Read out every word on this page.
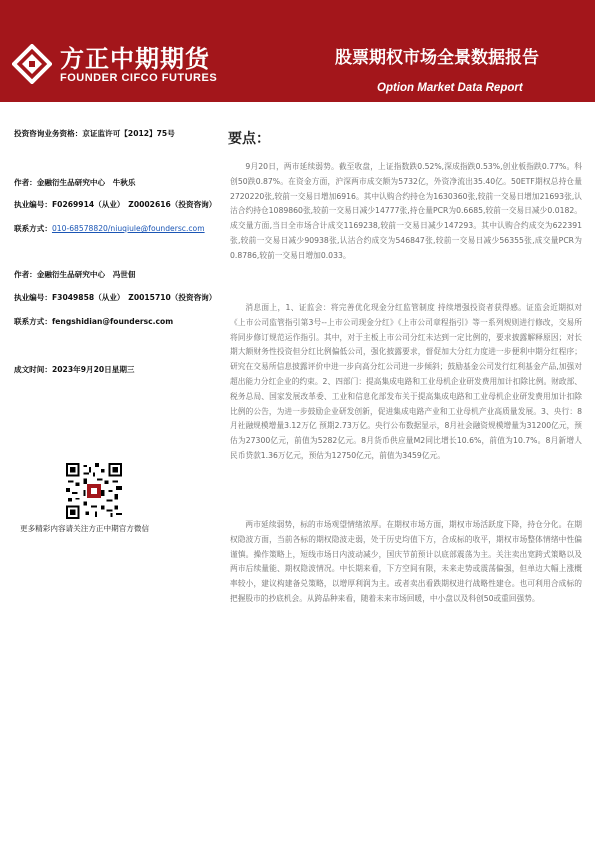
方正中期期货
FOUNDER CIFCO FUTURES
股票期权市场全景数据报告
Option Market Data Report
投资咨询业务资格：京证监许可【2012】75号
作者：金融衍生品研究中心　牛秋乐
执业编号：F0269914（从业）　Z0002616（投资咨询）
联系方式：010-68578820/niuqiule@foundersc.com
作者：金融衍生品研究中心　冯世佃
执业编号：F3049858（从业）　Z0015710（投资咨询）
联系方式：fengshidian@foundersc.com
成文时间：2023年9月20日星期三
更多精彩内容请关注方正中期官方微信
要点：

9月20日，两市延续弱势。截至收盘，上证指数跌0.52%,深成指跌0.53%,创业板指跌0.77%。科创50跌0.87%。在资金方面，沪深两市成交额为5732亿，外资净流出35.40亿。50ETF期权总持仓量2720220张,较前一交易日增加6916。其中认购合约持仓为1630360张,较前一交易日增加21693张,认沽合约持仓1089860张,较前一交易日减少14777张,持仓量PCR为0.6685,较前一交易日减少0.0182。成交量方面,当日全市场合计成交1169238,较前一交易日减少147293。其中认购合约成交为622391张,较前一交易日减少90938张,认沽合约成交为546847张,较前一交易日减少56355张,成交量PCR为0.8786,较前一交易日增加0.033。

消息面上，1、证监会：将完善优化现金分红监管制度 持续增强投资者获得感。证监会近期拟对《上市公司监管指引第3号--上市公司现金分红》《上市公司章程指引》等一系列规则进行修改，交易所将同步修订规范运作指引。其中，对于主板上市公司分红未达到一定比例的，要求披露解释原因；对长期大额财务性投资但分红比例偏低公司，强化披露要求，督促加大分红力度进一步便利中期分红程序；研究在交易所信息披露评价中进一步向高分红公司进一步倾斜；鼓励基金公司发行红利基金产品,加强对超出能力分红企业的约束。2、四部门：提高集成电路和工业母机企业研发费用加计扣除比例。财政部、税务总局、国家发展改革委、工业和信息化部发布关于提高集成电路和工业母机企业研发费用加计扣除比例的公告，为进一步鼓励企业研发创新，促进集成电路产业和工业母机产业高质量发展。3、央行：8月社融规模增量3.12万亿 预期2.73万亿。央行公布数据显示，8月社会融资规模增量为31200亿元，预估为27300亿元，前值为5282亿元。8月货币供应量M2同比增长10.6%，前值为10.7%。8月新增人民币贷款1.36万亿元，预估为12750亿元，前值为3459亿元。

两市延续弱势，标的市场观望情绪浓厚。在期权市场方面，期权市场活跃度下降，持仓分化。在期权隐波方面，当前各标的期权隐波走弱，处于历史均值下方，合成标的收平，期权市场整体情绪中性偏谨慎。操作策略上，短线市场日内波动减少，国庆节前预计以底部震荡为主。关注卖出宽跨式策略以及两市后续量能、期权隐波情况。中长期来看，下方空间有限，未来走势或震荡偏强，但单边大幅上涨概率较小，建议构建备兑策略，以增厚利润为主。或者卖出看跌期权进行战略性建仓。也可利用合成标的把握股市的抄底机会。从跨品种来看，随着未来市场回暖，中小盘以及科创50或重回强势。
